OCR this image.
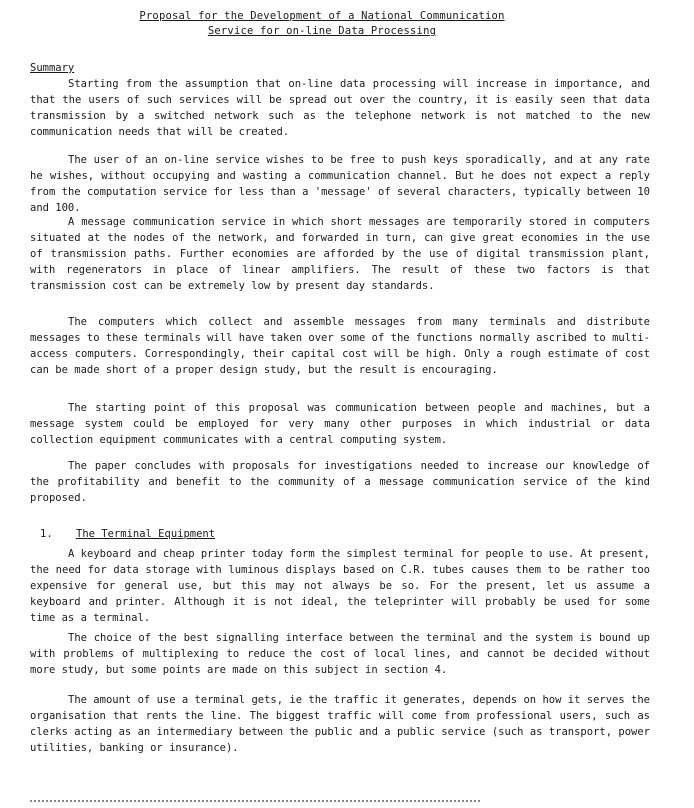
Proposal for the Development of a National Communication
Service for on-line Data Processing
Summary

Starting from the assumption that on-line data processing will increase in importance, and that the users of such services will be spread out over the country, it is easily seen that data transmission by a switched network such as the telephone network is not matched to the new communication needs that will be created.

The user of an on-line service wishes to be free to push keys sporadically, and at any rate he wishes, without occupying and wasting a communication channel. But he does not expect a reply from the computation service for less than a 'message' of several characters, typically between 10 and 100.

A message communication service in which short messages are temporarily stored in computers situated at the nodes of the network, and forwarded in turn, can give great economies in the use of transmission paths. Further economies are afforded by the use of digital transmission plant, with regenerators in place of linear amplifiers. The result of these two factors is that transmission cost can be extremely low by present day standards.

The computers which collect and assemble messages from many terminals and distribute messages to these terminals will have taken over some of the functions normally ascribed to multi-access computers. Correspondingly, their capital cost will be high. Only a rough estimate of cost can be made short of a proper design study, but the result is encouraging.

The starting point of this proposal was communication between people and machines, but a message system could be employed for very many other purposes in which industrial or data collection equipment communicates with a central computing system.

The paper concludes with proposals for investigations needed to increase our knowledge of the profitability and benefit to the community of a message communication service of the kind proposed.

1. The Terminal Equipment

A keyboard and cheap printer today form the simplest terminal for people to use. At present, the need for data storage with luminous displays based on C.R. tubes causes them to be rather too expensive for general use, but this may not always be so. For the present, let us assume a keyboard and printer. Although it is not ideal, the teleprinter will probably be used for some time as a terminal.

The choice of the best signalling interface between the terminal and the system is bound up with problems of multiplexing to reduce the cost of local lines, and cannot be decided without more study, but some points are made on this subject in section 4.

The amount of use a terminal gets, ie the traffic it generates, depends on how it serves the organisation that rents the line. The biggest traffic will come from professional users, such as clerks acting as an intermediary between the public and a public service (such as transport, power utilities, banking or insurance).
